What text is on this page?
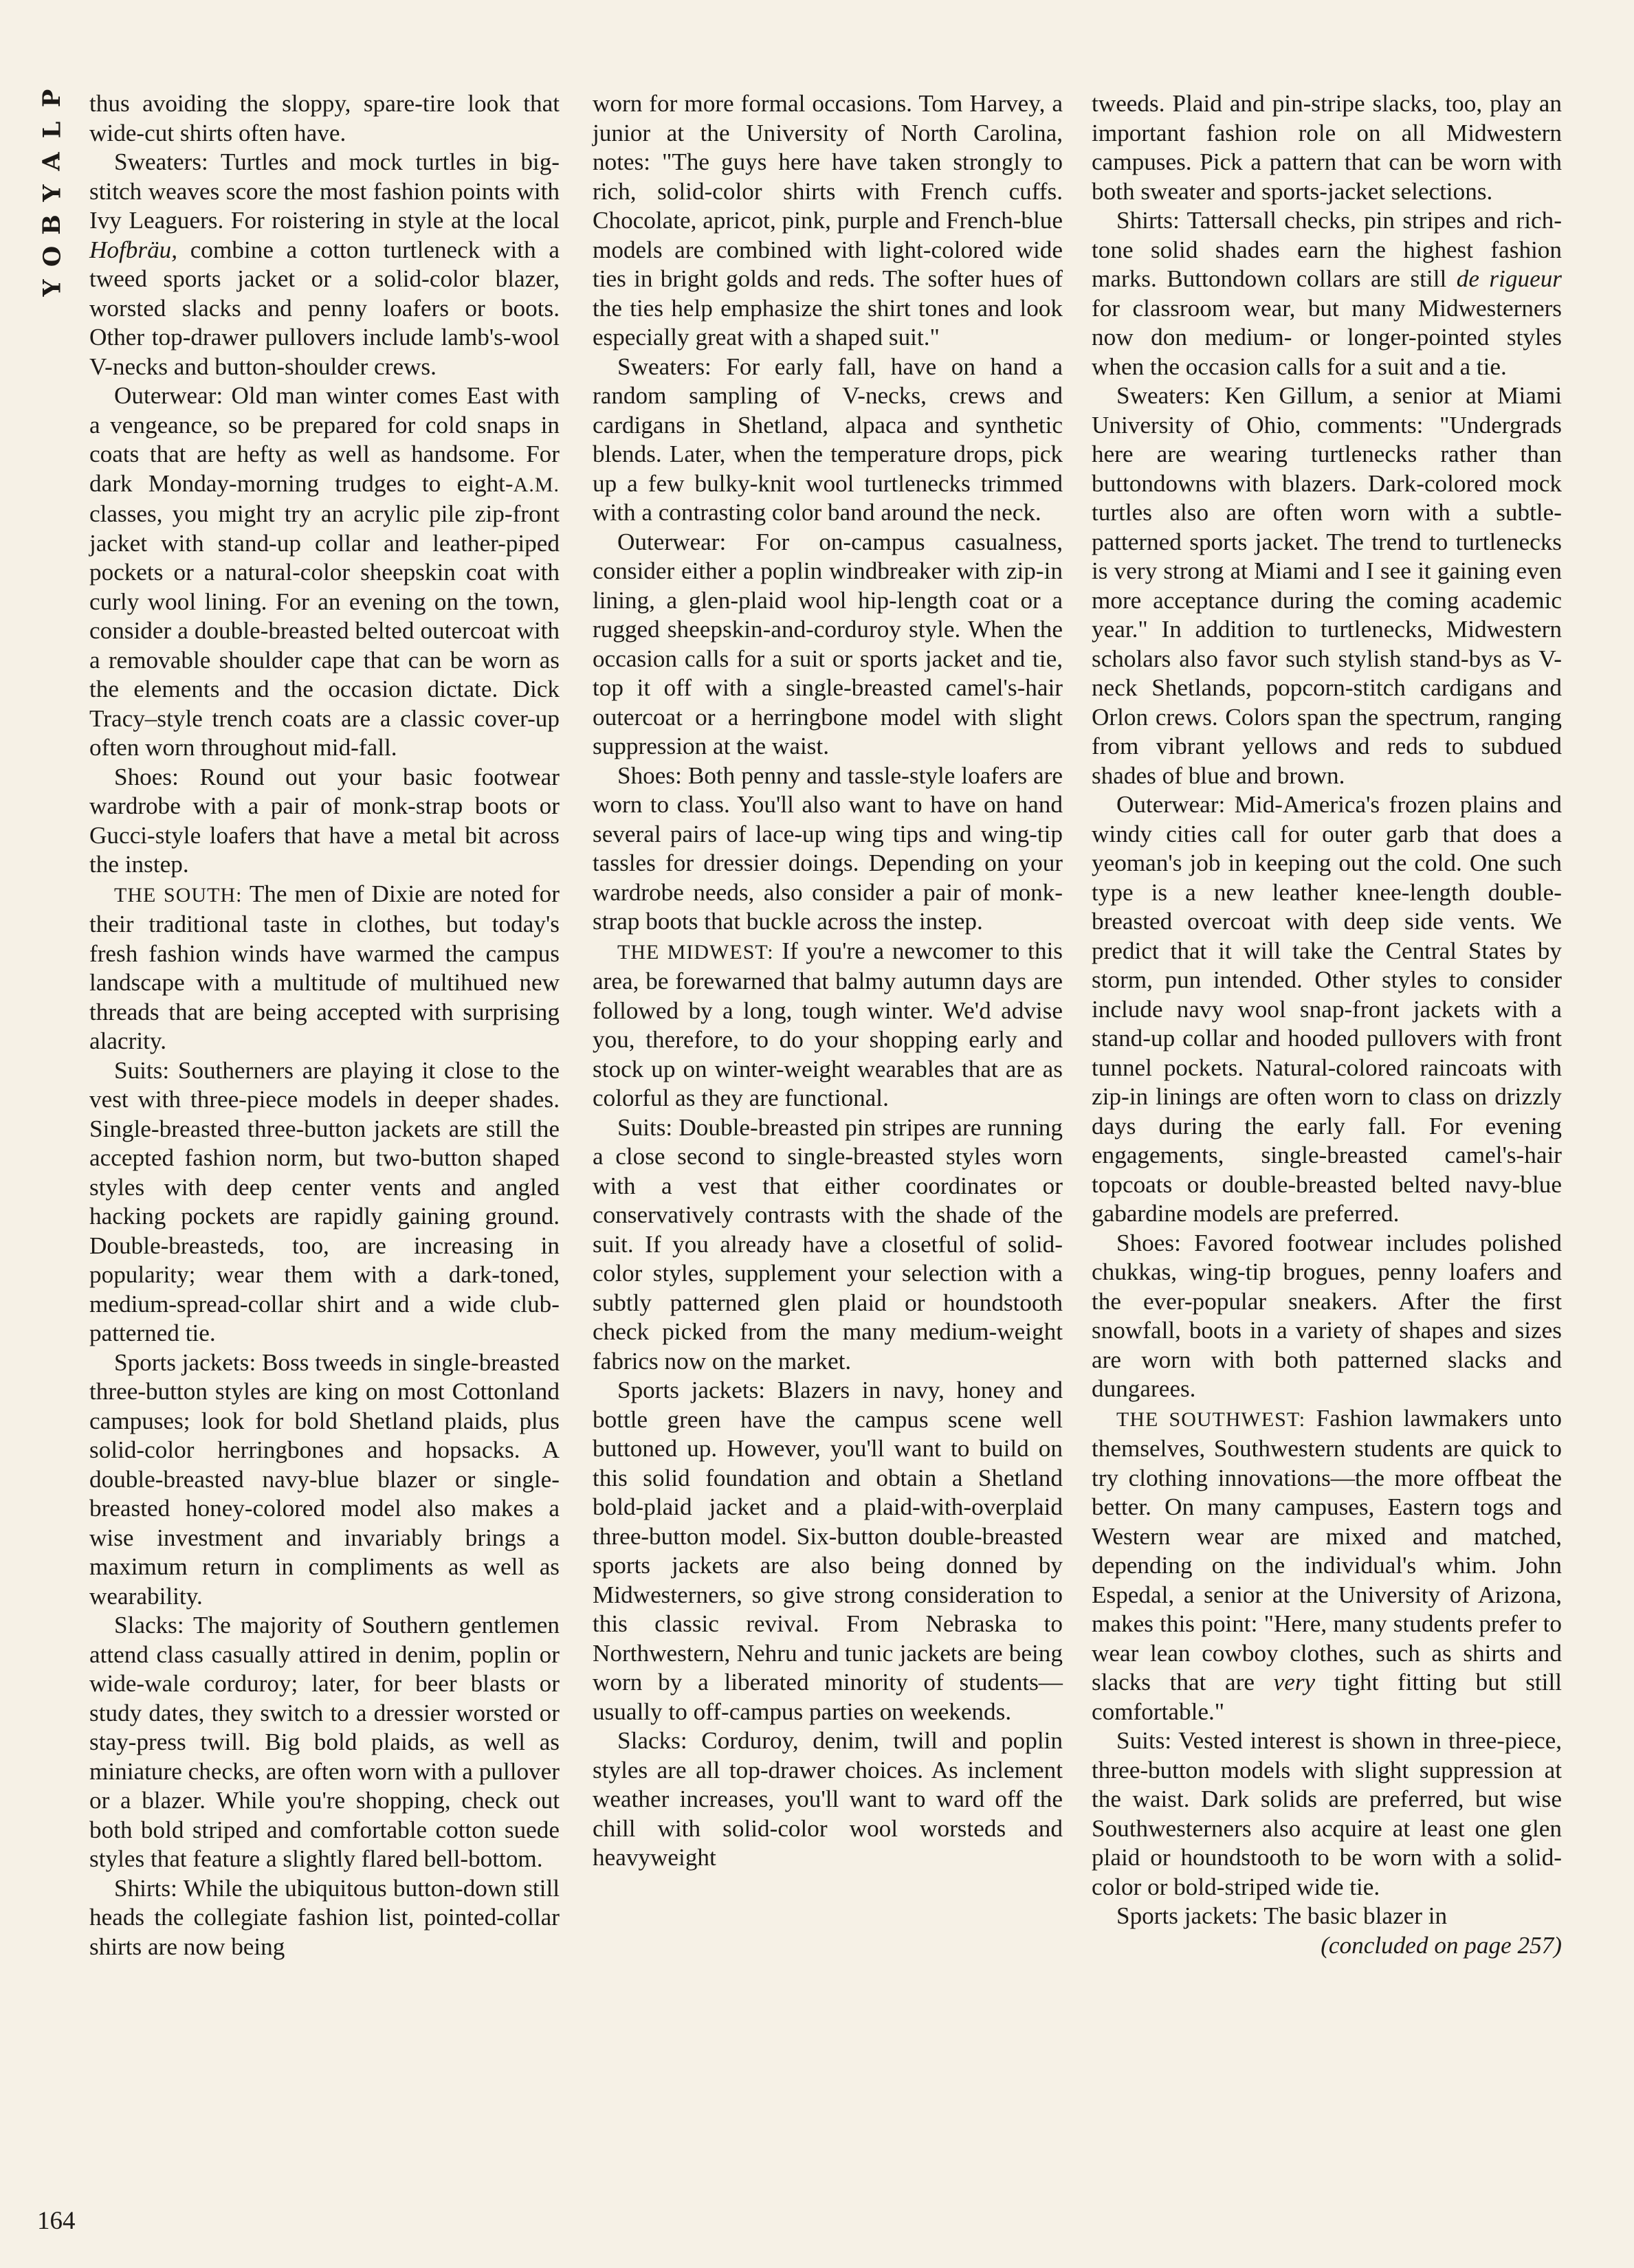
P
L
A
Y
B
O
Y
164

thus avoiding the sloppy, spare-tire look that wide-cut shirts often have.

Sweaters: Turtles and mock turtles in big-stitch weaves score the most fashion points with Ivy Leaguers. For roistering in style at the local Hofbräu, combine a cotton turtleneck with a tweed sports jacket or a solid-color blazer, worsted slacks and penny loafers or boots. Other top-drawer pullovers include lamb's-wool V-necks and button-shoulder crews.

Outerwear: Old man winter comes East with a vengeance, so be prepared for cold snaps in coats that are hefty as well as handsome. For dark Monday-morning trudges to eight-A.M. classes, you might try an acrylic pile zip-front jacket with stand-up collar and leather-piped pockets or a natural-color sheepskin coat with curly wool lining. For an evening on the town, consider a double-breasted belted outercoat with a removable shoulder cape that can be worn as the elements and the occasion dictate. Dick Tracy–style trench coats are a classic cover-up often worn throughout mid-fall.

Shoes: Round out your basic footwear wardrobe with a pair of monk-strap boots or Gucci-style loafers that have a metal bit across the instep.

THE SOUTH: The men of Dixie are noted for their traditional taste in clothes, but today's fresh fashion winds have warmed the campus landscape with a multitude of multihued new threads that are being accepted with surprising alacrity.

Suits: Southerners are playing it close to the vest with three-piece models in deeper shades. Single-breasted three-button jackets are still the accepted fashion norm, but two-button shaped styles with deep center vents and angled hacking pockets are rapidly gaining ground. Double-breasteds, too, are increasing in popularity; wear them with a dark-toned, medium-spread-collar shirt and a wide club-patterned tie.

Sports jackets: Boss tweeds in single-breasted three-button styles are king on most Cottonland campuses; look for bold Shetland plaids, plus solid-color herringbones and hopsacks. A double-breasted navy-blue blazer or single-breasted honey-colored model also makes a wise investment and invariably brings a maximum return in compliments as well as wearability.

Slacks: The majority of Southern gentlemen attend class casually attired in denim, poplin or wide-wale corduroy; later, for beer blasts or study dates, they switch to a dressier worsted or stay-press twill. Big bold plaids, as well as miniature checks, are often worn with a pullover or a blazer. While you're shopping, check out both bold striped and comfortable cotton suede styles that feature a slightly flared bell-bottom.

Shirts: While the ubiquitous button-down still heads the collegiate fashion list, pointed-collar shirts are now being

worn for more formal occasions. Tom Harvey, a junior at the University of North Carolina, notes: "The guys here have taken strongly to rich, solid-color shirts with French cuffs. Chocolate, apricot, pink, purple and French-blue models are combined with light-colored wide ties in bright golds and reds. The softer hues of the ties help emphasize the shirt tones and look especially great with a shaped suit."

Sweaters: For early fall, have on hand a random sampling of V-necks, crews and cardigans in Shetland, alpaca and synthetic blends. Later, when the temperature drops, pick up a few bulky-knit wool turtlenecks trimmed with a contrasting color band around the neck.

Outerwear: For on-campus casualness, consider either a poplin windbreaker with zip-in lining, a glen-plaid wool hip-length coat or a rugged sheepskin-and-corduroy style. When the occasion calls for a suit or sports jacket and tie, top it off with a single-breasted camel's-hair outercoat or a herringbone model with slight suppression at the waist.

Shoes: Both penny and tassle-style loafers are worn to class. You'll also want to have on hand several pairs of lace-up wing tips and wing-tip tassles for dressier doings. Depending on your wardrobe needs, also consider a pair of monk-strap boots that buckle across the instep.

THE MIDWEST: If you're a newcomer to this area, be forewarned that balmy autumn days are followed by a long, tough winter. We'd advise you, therefore, to do your shopping early and stock up on winter-weight wearables that are as colorful as they are functional.

Suits: Double-breasted pin stripes are running a close second to single-breasted styles worn with a vest that either coordinates or conservatively contrasts with the shade of the suit. If you already have a closetful of solid-color styles, supplement your selection with a subtly patterned glen plaid or houndstooth check picked from the many medium-weight fabrics now on the market.

Sports jackets: Blazers in navy, honey and bottle green have the campus scene well buttoned up. However, you'll want to build on this solid foundation and obtain a Shetland bold-plaid jacket and a plaid-with-overplaid three-button model. Six-button double-breasted sports jackets are also being donned by Midwesterners, so give strong consideration to this classic revival. From Nebraska to Northwestern, Nehru and tunic jackets are being worn by a liberated minority of students—usually to off-campus parties on weekends.

Slacks: Corduroy, denim, twill and poplin styles are all top-drawer choices. As inclement weather increases, you'll want to ward off the chill with solid-color wool worsteds and heavyweight

tweeds. Plaid and pin-stripe slacks, too, play an important fashion role on all Midwestern campuses. Pick a pattern that can be worn with both sweater and sports-jacket selections.

Shirts: Tattersall checks, pin stripes and rich-tone solid shades earn the highest fashion marks. Buttondown collars are still de rigueur for classroom wear, but many Midwesterners now don medium- or longer-pointed styles when the occasion calls for a suit and a tie.

Sweaters: Ken Gillum, a senior at Miami University of Ohio, comments: "Undergrads here are wearing turtlenecks rather than buttondowns with blazers. Dark-colored mock turtles also are often worn with a subtle-patterned sports jacket. The trend to turtlenecks is very strong at Miami and I see it gaining even more acceptance during the coming academic year." In addition to turtlenecks, Midwestern scholars also favor such stylish stand-bys as V-neck Shetlands, popcorn-stitch cardigans and Orlon crews. Colors span the spectrum, ranging from vibrant yellows and reds to subdued shades of blue and brown.

Outerwear: Mid-America's frozen plains and windy cities call for outer garb that does a yeoman's job in keeping out the cold. One such type is a new leather knee-length double-breasted overcoat with deep side vents. We predict that it will take the Central States by storm, pun intended. Other styles to consider include navy wool snap-front jackets with a stand-up collar and hooded pullovers with front tunnel pockets. Natural-colored raincoats with zip-in linings are often worn to class on drizzly days during the early fall. For evening engagements, single-breasted camel's-hair topcoats or double-breasted belted navy-blue gabardine models are preferred.

Shoes: Favored footwear includes polished chukkas, wing-tip brogues, penny loafers and the ever-popular sneakers. After the first snowfall, boots in a variety of shapes and sizes are worn with both patterned slacks and dungarees.

THE SOUTHWEST: Fashion lawmakers unto themselves, Southwestern students are quick to try clothing innovations—the more offbeat the better. On many campuses, Eastern togs and Western wear are mixed and matched, depending on the individual's whim. John Espedal, a senior at the University of Arizona, makes this point: "Here, many students prefer to wear lean cowboy clothes, such as shirts and slacks that are very tight fitting but still comfortable."

Suits: Vested interest is shown in three-piece, three-button models with slight suppression at the waist. Dark solids are preferred, but wise Southwesterners also acquire at least one glen plaid or houndstooth to be worn with a solid-color or bold-striped wide tie.

Sports jackets: The basic blazer in

(concluded on page 257)
